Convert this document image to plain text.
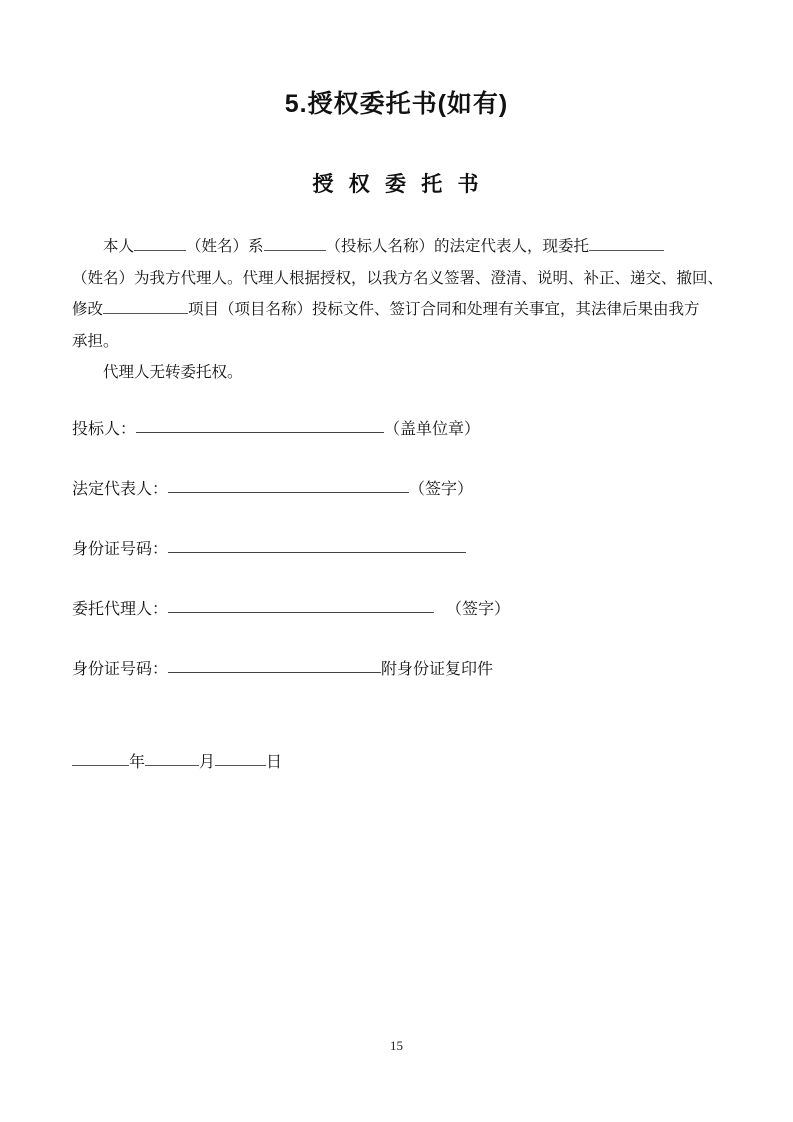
5.授权委托书(如有)
授 权 委 托 书
本人	（姓名）系	（投标人名称）的法定代表人，现委托
（姓名）为我方代理人。代理人根据授权，以我方名义签署、澄清、说明、补正、递交、撤回、
修改	项目（项目名称）投标文件、签订合同和处理有关事宜，其法律后果由我方
承担。
代理人无转委托权。
投标人：	（盖单位章）
法定代表人：	（签字）
身份证号码：
委托代理人：	（签字）
身份证号码：	附身份证复印件
年	月	日
15
